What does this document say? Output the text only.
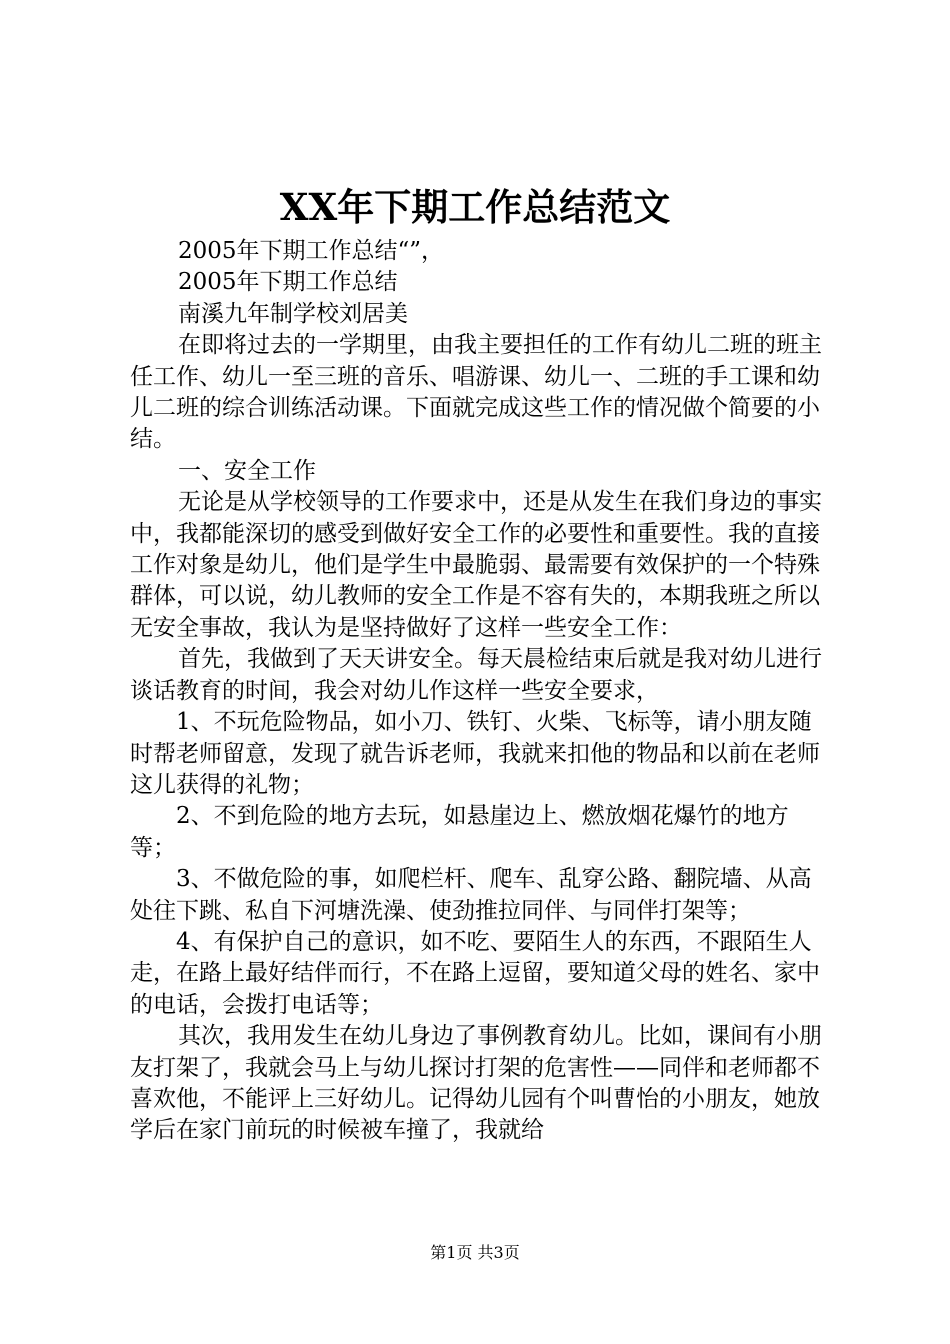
XX年下期工作总结范文

2005年下期工作总结“”，

2005年下期工作总结

南溪九年制学校刘居美

在即将过去的一学期里，由我主要担任的工作有幼儿二班的班主任工作、幼儿一至三班的音乐、唱游课、幼儿一、二班的手工课和幼儿二班的综合训练活动课。下面就完成这些工作的情况做个简要的小结。

一、安全工作

无论是从学校领导的工作要求中，还是从发生在我们身边的事实中，我都能深切的感受到做好安全工作的必要性和重要性。我的直接工作对象是幼儿，他们是学生中最脆弱、最需要有效保护的一个特殊群体，可以说，幼儿教师的安全工作是不容有失的，本期我班之所以无安全事故，我认为是坚持做好了这样一些安全工作：

首先，我做到了天天讲安全。每天晨检结束后就是我对幼儿进行谈话教育的时间，我会对幼儿作这样一些安全要求，

1、不玩危险物品，如小刀、铁钉、火柴、飞标等，请小朋友随时帮老师留意，发现了就告诉老师，我就来扣他的物品和以前在老师这儿获得的礼物；

2、不到危险的地方去玩，如悬崖边上、燃放烟花爆竹的地方等；

3、不做危险的事，如爬栏杆、爬车、乱穿公路、翻院墙、从高处往下跳、私自下河塘洗澡、使劲推拉同伴、与同伴打架等；

4、有保护自己的意识，如不吃、要陌生人的东西，不跟陌生人走，在路上最好结伴而行，不在路上逗留，要知道父母的姓名、家中的电话，会拨打电话等；

其次，我用发生在幼儿身边了事例教育幼儿。比如，课间有小朋友打架了，我就会马上与幼儿探讨打架的危害性——同伴和老师都不喜欢他，不能评上三好幼儿。记得幼儿园有个叫曹怡的小朋友，她放学后在家门前玩的时候被车撞了，我就给

第1页 共3页
